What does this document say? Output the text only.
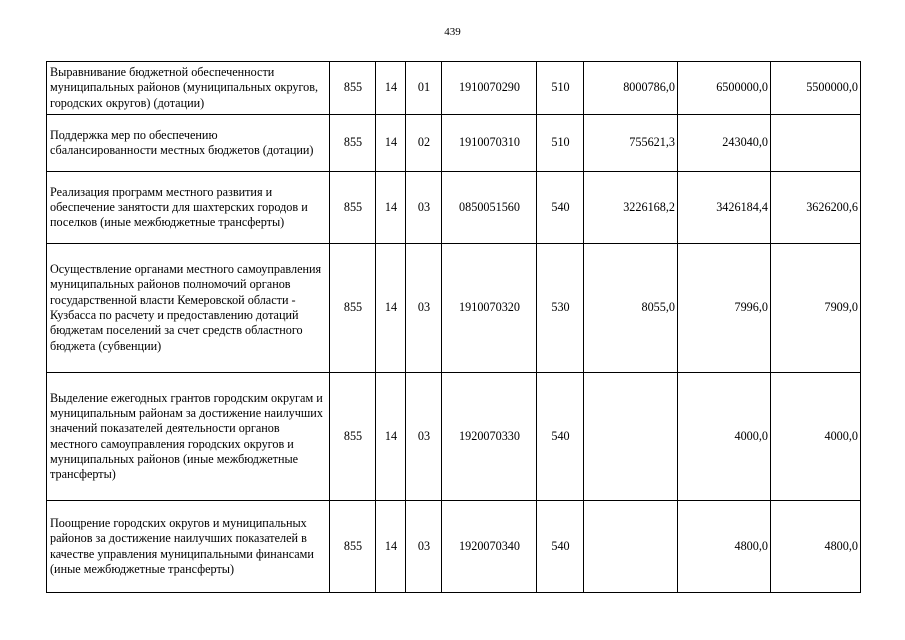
439
Выравнивание бюджетной обеспеченности муниципальных районов (муниципальных округов, городских округов) (дотации)	855	14	01	1910070290	510	8000786,0	6500000,0	5500000,0
Поддержка мер по обеспечению сбалансированности местных бюджетов (дотации)	855	14	02	1910070310	510	755621,3	243040,0	
Реализация программ местного развития и обеспечение занятости для шахтерских городов и поселков (иные межбюджетные трансферты)	855	14	03	0850051560	540	3226168,2	3426184,4	3626200,6
Осуществление органами местного самоуправления муниципальных районов полномочий органов государственной власти Кемеровской области - Кузбасса по расчету и предоставлению дотаций бюджетам поселений за счет средств областного бюджета (субвенции)	855	14	03	1910070320	530	8055,0	7996,0	7909,0
Выделение ежегодных грантов городским округам и муниципальным районам за достижение наилучших значений показателей деятельности органов местного самоуправления городских округов и муниципальных районов (иные межбюджетные трансферты)	855	14	03	1920070330	540		4000,0	4000,0
Поощрение городских округов и муниципальных районов за достижение наилучших показателей в качестве управления муниципальными финансами (иные межбюджетные трансферты)	855	14	03	1920070340	540		4800,0	4800,0
